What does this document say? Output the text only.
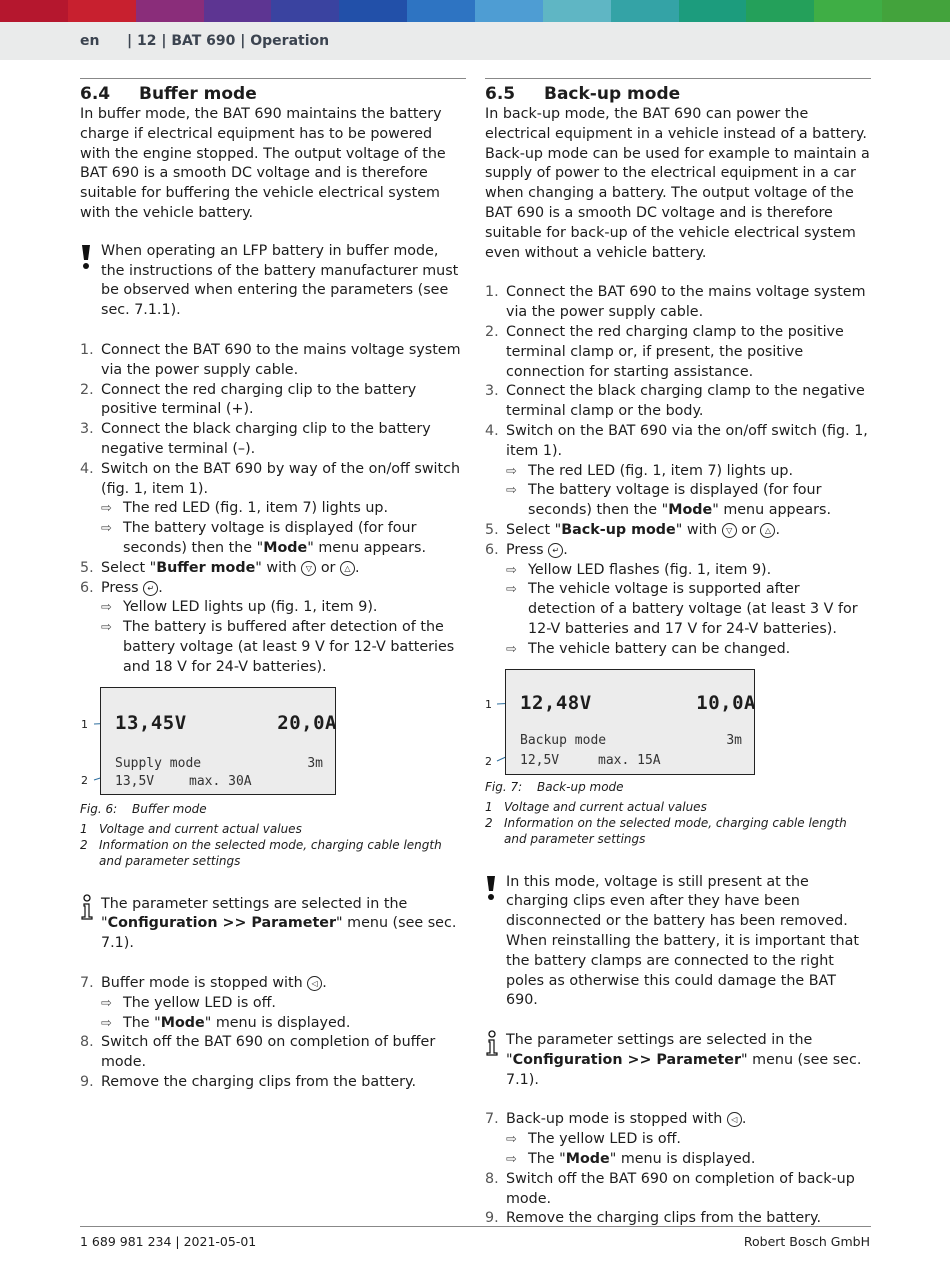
en | 12 | BAT 690 | Operation
6.4 Buffer mode

In buffer mode, the BAT 690 maintains the battery charge if electrical equipment has to be powered with the engine stopped. The output voltage of the BAT 690 is a smooth DC voltage and is therefore suitable for buffering the vehicle electrical system with the vehicle battery.

When operating an LFP battery in buffer mode, the instructions of the battery manufacturer must be observed when entering the parameters (see sec. 7.1.1).
1. Connect the BAT 690 to the mains voltage system via the power supply cable.
2. Connect the red charging clip to the battery positive terminal (+).
3. Connect the black charging clip to the battery negative terminal (–).
4. Switch on the BAT 690 by way of the on/off switch (fig. 1, item 1).
⇨ The red LED (fig. 1, item 7) lights up.
⇨ The battery voltage is displayed (for four seconds) then the "Mode" menu appears.
5. Select "Buffer mode" with ▽ or △ .
6. Press ↵ .
⇨ Yellow LED lights up (fig. 1, item 9).
⇨ The battery is buffered after detection of the battery voltage (at least 9 V for 12-V batteries and 18 V for 24-V batteries).
1
2
13,45V	20,0A
Supply mode	3m
13,5V	max. 30A
Fig. 6: Buffer mode
1 Voltage and current actual values
2 Information on the selected mode, charging cable length and parameter settings
The parameter settings are selected in the "Configuration >> Parameter" menu (see sec. 7.1).
7. Buffer mode is stopped with ◁ .
⇨ The yellow LED is off.
⇨ The "Mode" menu is displayed.
8. Switch off the BAT 690 on completion of buffer mode.
9. Remove the charging clips from the battery.
6.5 Back-up mode

In back-up mode, the BAT 690 can power the electrical equipment in a vehicle instead of a battery. Back-up mode can be used for example to maintain a supply of power to the electrical equipment in a car when changing a battery. The output voltage of the BAT 690 is a smooth DC voltage and is therefore suitable for back-up of the vehicle electrical system even without a vehicle battery.

1. Connect the BAT 690 to the mains voltage system via the power supply cable.
2. Connect the red charging clamp to the positive terminal clamp or, if present, the positive connection for starting assistance.
3. Connect the black charging clamp to the negative terminal clamp or the body.
4. Switch on the BAT 690 via the on/off switch (fig. 1, item 1).
⇨ The red LED (fig. 1, item 7) lights up.
⇨ The battery voltage is displayed (for four seconds) then the "Mode" menu appears.
5. Select "Back-up mode" with ▽ or △ .
6. Press ↵ .
⇨ Yellow LED flashes (fig. 1, item 9).
⇨ The vehicle voltage is supported after detection of a battery voltage (at least 3 V for 12-V batteries and 17 V for 24-V batteries).
⇨ The vehicle battery can be changed.
1
2
12,48V	10,0A
Backup mode	3m
12,5V	max. 15A
Fig. 7: Back-up mode
1 Voltage and current actual values
2 Information on the selected mode, charging cable length and parameter settings
In this mode, voltage is still present at the charging clips even after they have been disconnected or the battery has been removed. When reinstalling the battery, it is important that the battery clamps are connected to the right poles as otherwise this could damage the BAT 690.
The parameter settings are selected in the "Configuration >> Parameter" menu (see sec. 7.1).
7. Back-up mode is stopped with ◁ .
⇨ The yellow LED is off.
⇨ The "Mode" menu is displayed.
8. Switch off the BAT 690 on completion of back-up mode.
9. Remove the charging clips from the battery.
1 689 981 234 | 2021-05-01	Robert Bosch GmbH
